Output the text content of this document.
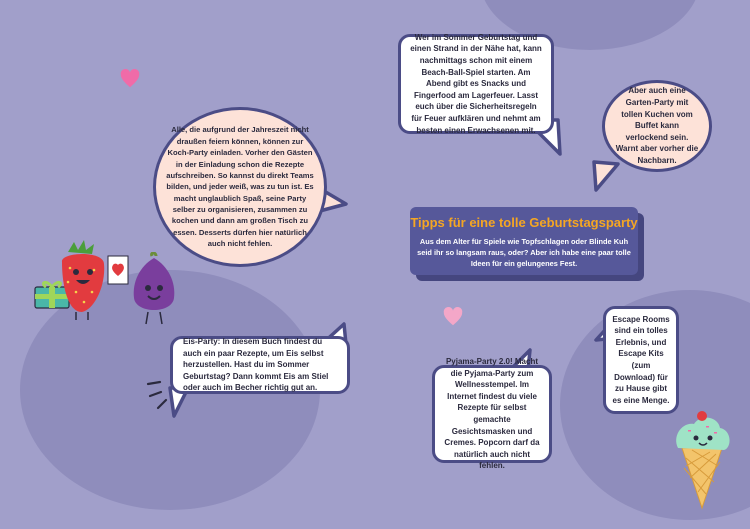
Alle, die aufgrund der Jahreszeit nicht draußen feiern können, können zur Koch-Party einladen. Vorher den Gästen in der Einladung schon die Rezepte aufschreiben. So kannst du direkt Teams bilden, und jeder weiß, was zu tun ist. Es macht unglaublich Spaß, seine Party selber zu organisieren, zusammen zu kochen und dann am großen Tisch zu essen. Desserts dürfen hier natürlich auch nicht fehlen.
Wer im Sommer Geburtstag und einen Strand in der Nähe hat, kann nachmittags schon mit einem Beach-Ball-Spiel starten. Am Abend gibt es Snacks und Fingerfood am Lagerfeuer. Lasst euch über die Sicherheitsregeln für Feuer aufklären und nehmt am besten einen Erwachsenen mit.
Aber auch eine Garten-Party mit tollen Kuchen vom Buffet kann verlockend sein. Warnt aber vorher die Nachbarn.
Tipps für eine tolle Geburtstagsparty
Aus dem Alter für Spiele wie Topfschlagen oder Blinde Kuh seid ihr so langsam raus, oder? Aber ich habe eine paar tolle Ideen für ein gelungenes Fest.
Eis-Party: In diesem Buch findest du auch ein paar Rezepte, um Eis selbst herzustellen. Hast du im Sommer Geburtstag? Dann kommt Eis am Stiel oder auch im Becher richtig gut an.
Pyjama-Party 2.0! Macht die Pyjama-Party zum Wellnesstempel. Im Internet findest du viele Rezepte für selbst gemachte Gesichtsmasken und Cremes. Popcorn darf da natürlich auch nicht fehlen.
Escape Rooms sind ein tolles Erlebnis, und Escape Kits (zum Download) für zu Hause gibt es eine Menge.
